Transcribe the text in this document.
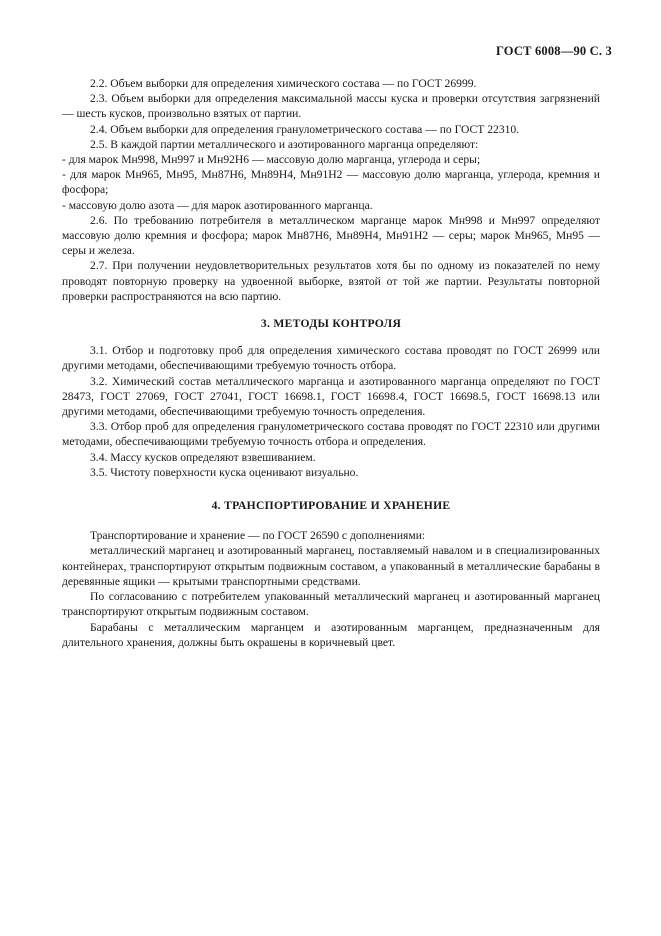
ГОСТ 6008—90 С. 3

2.2. Объем выборки для определения химического состава — по ГОСТ 26999.

2.3. Объем выборки для определения максимальной массы куска и проверки отсутствия загрязнений — шесть кусков, произвольно взятых от партии.

2.4. Объем выборки для определения гранулометрического состава — по ГОСТ 22310.

2.5. В каждой партии металлического и азотированного марганца определяют:

- для марок Мн998, Мн997 и Мн92Н6 — массовую долю марганца, углерода и серы;

- для марок Мн965, Мн95, Мн87Н6, Мн89Н4, Мн91Н2 — массовую долю марганца, углерода, кремния и фосфора;

- массовую долю азота — для марок азотированного марганца.

2.6. По требованию потребителя в металлическом марганце марок Мн998 и Мн997 определяют массовую долю кремния и фосфора; марок Мн87Н6, Мн89Н4, Мн91Н2 — серы; марок Мн965, Мн95 — серы и железа.

2.7. При получении неудовлетворительных результатов хотя бы по одному из показателей по нему проводят повторную проверку на удвоенной выборке, взятой от той же партии. Результаты повторной проверки распространяются на всю партию.

3. МЕТОДЫ КОНТРОЛЯ

3.1. Отбор и подготовку проб для определения химического состава проводят по ГОСТ 26999 или другими методами, обеспечивающими требуемую точность отбора.

3.2. Химический состав металлического марганца и азотированного марганца определяют по ГОСТ 28473, ГОСТ 27069, ГОСТ 27041, ГОСТ 16698.1, ГОСТ 16698.4, ГОСТ 16698.5, ГОСТ 16698.13 или другими методами, обеспечивающими требуемую точность определения.

3.3. Отбор проб для определения гранулометрического состава проводят по ГОСТ 22310 или другими методами, обеспечивающими требуемую точность отбора и определения.

3.4. Массу кусков определяют взвешиванием.

3.5. Чистоту поверхности куска оценивают визуально.

4. ТРАНСПОРТИРОВАНИЕ И ХРАНЕНИЕ

Транспортирование и хранение — по ГОСТ 26590 с дополнениями:

металлический марганец и азотированный марганец, поставляемый навалом и в специализированных контейнерах, транспортируют открытым подвижным составом, а упакованный в металлические барабаны в деревянные ящики — крытыми транспортными средствами.

По согласованию с потребителем упакованный металлический марганец и азотированный марганец транспортируют открытым подвижным составом.

Барабаны с металлическим марганцем и азотированным марганцем, предназначенным для длительного хранения, должны быть окрашены в коричневый цвет.
